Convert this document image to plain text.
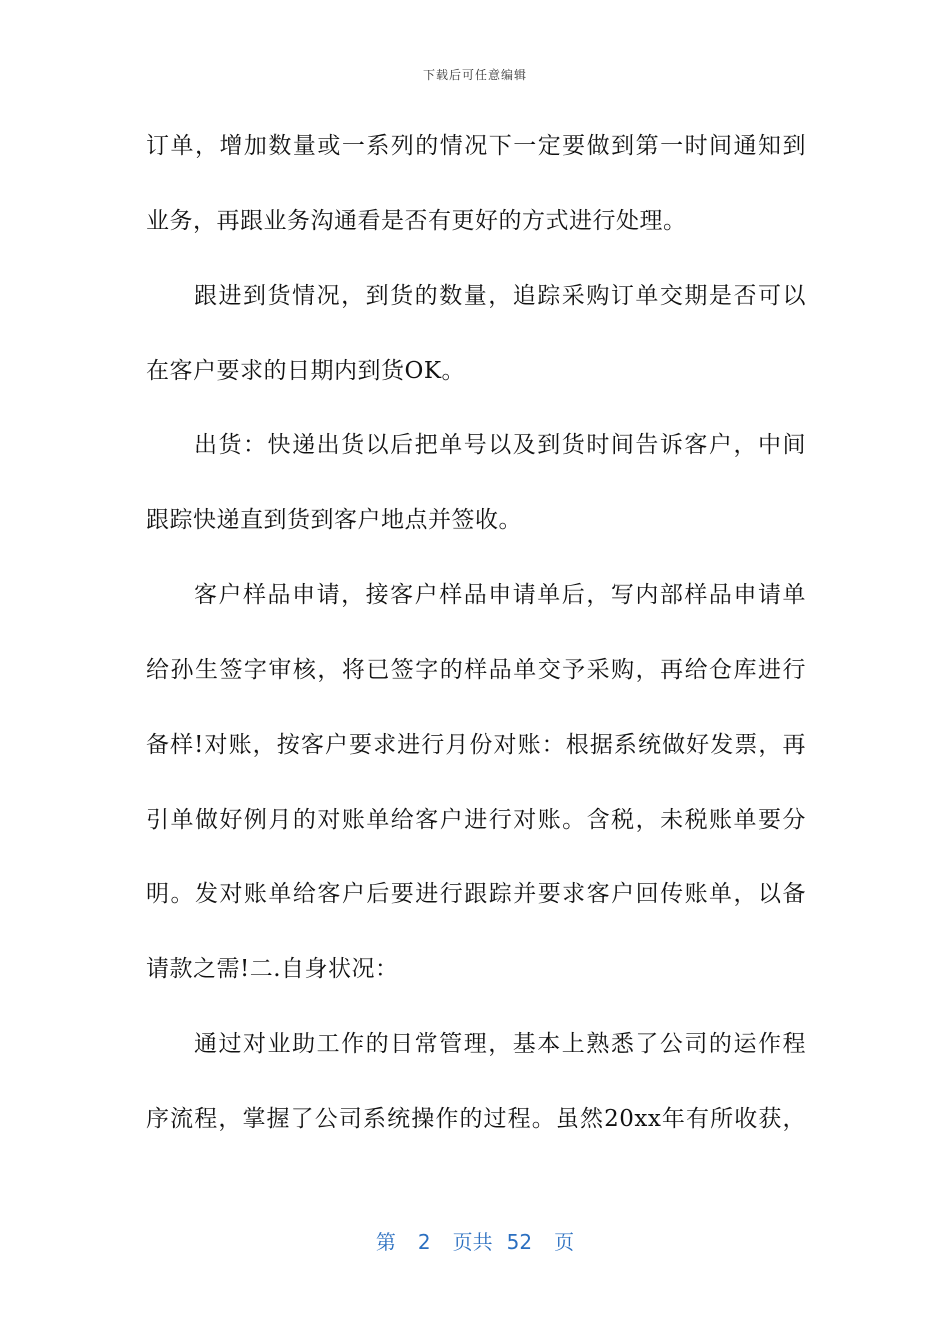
下载后可任意编辑
订单，增加数量或一系列的情况下一定要做到第一时间通知到
业务，再跟业务沟通看是否有更好的方式进行处理。
跟进到货情况，到货的数量，追踪采购订单交期是否可以
在客户要求的日期内到货OK。
出货：快递出货以后把单号以及到货时间告诉客户，中间
跟踪快递直到货到客户地点并签收。
客户样品申请，接客户样品申请单后，写内部样品申请单
给孙生签字审核，将已签字的样品单交予采购，再给仓库进行
备样!对账，按客户要求进行月份对账：根据系统做好发票，再
引单做好例月的对账单给客户进行对账。含税，未税账单要分
明。发对账单给客户后要进行跟踪并要求客户回传账单，以备
请款之需!二.自身状况：
通过对业助工作的日常管理，基本上熟悉了公司的运作程
序流程，掌握了公司系统操作的过程。虽然20xx年有所收获，
第 2 页共 52 页
